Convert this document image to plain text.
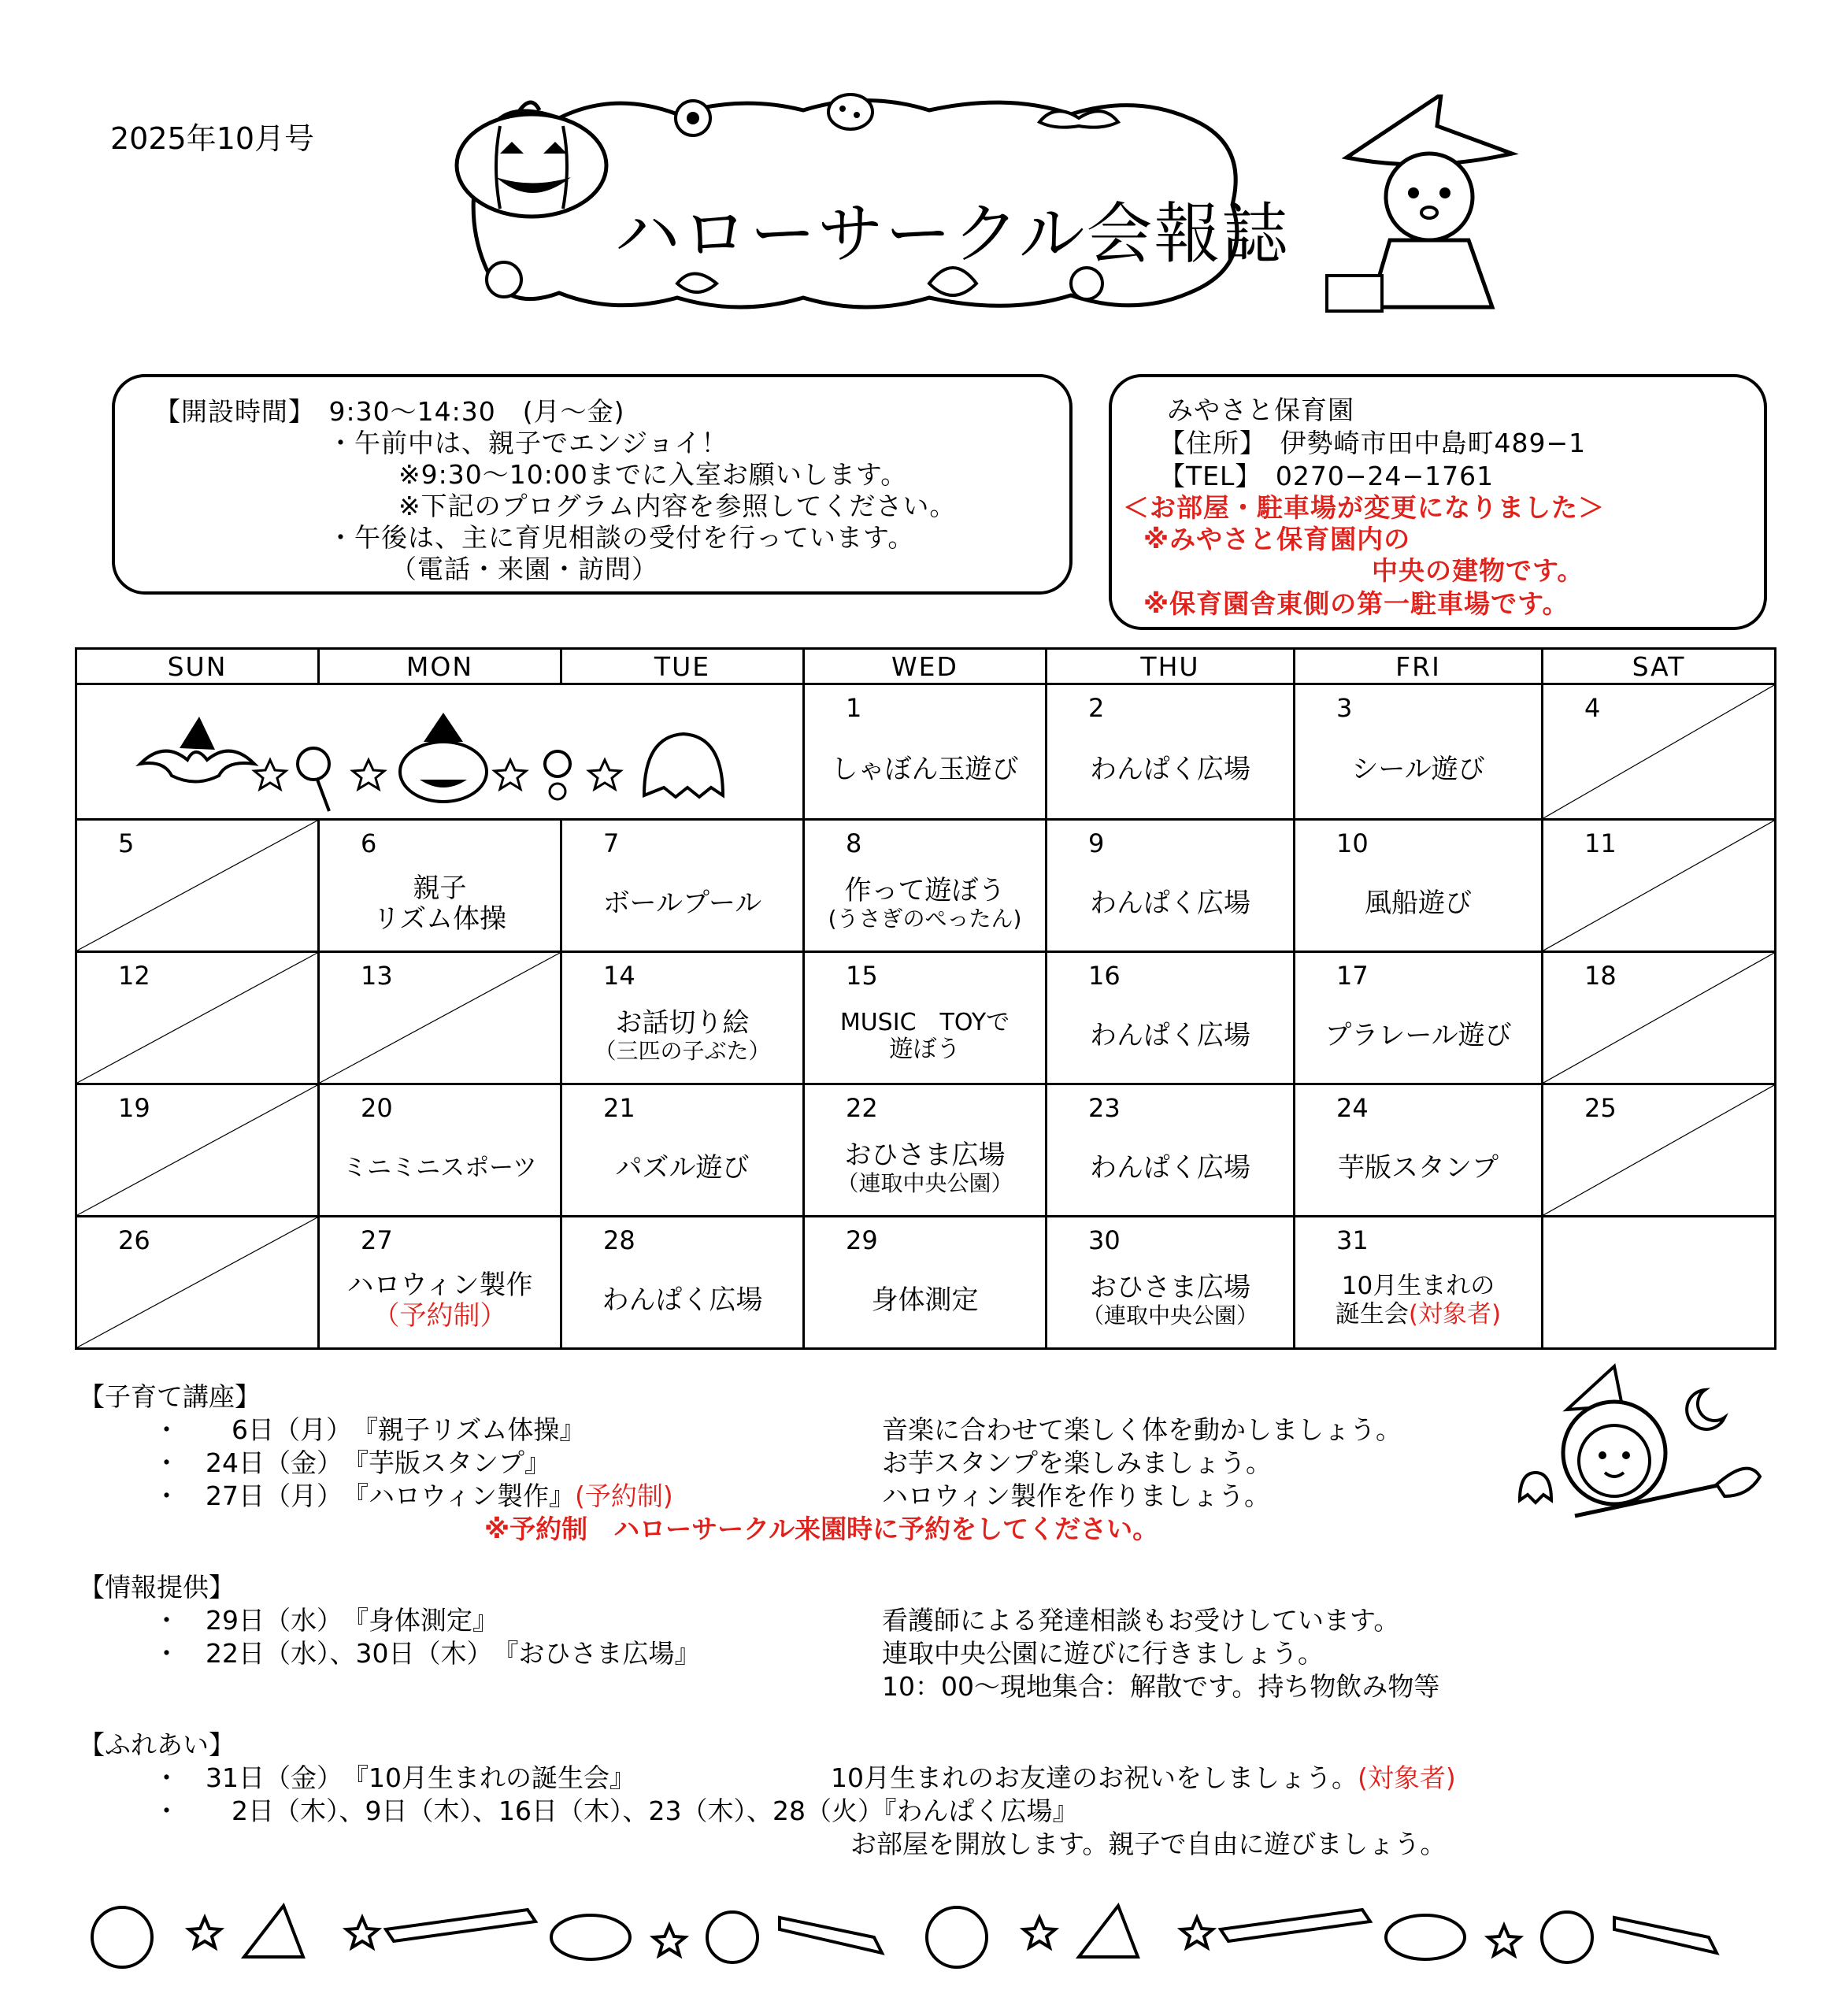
2025年10月号
ハローサークル会報誌
【開設時間】　9:30～14:30　(月～金)
・午前中は、親子でエンジョイ！
※9:30～10:00までに入室お願いします。
※下記のプログラム内容を参照してください。
・午後は、主に育児相談の受付を行っています。
（電話・来園・訪問）
みやさと保育園
【住所】　伊勢崎市田中島町489−1
【TEL】　0270−24−1761
＜お部屋・駐車場が変更になりました＞
※みやさと保育園内の
中央の建物です。
※保育園舎東側の第一駐車場です。
SUN	MON	TUE	WED	THU	FRI	SAT

1
しゃぼん玉遊び	2
わんぱく広場	3
シール遊び	4

5	6
親子
リズム体操	7
ボールプール	8
作って遊ぼう
(うさぎのぺったん)	9
わんぱく広場	10
風船遊び	11

12	13	14
お話切り絵
（三匹の子ぶた）	15
MUSIC　TOYで
遊ぼう	16
わんぱく広場	17
プラレール遊び	18

19	20
ミニミニスポーツ	21
パズル遊び	22
おひさま広場
（連取中央公園）	23
わんぱく広場	24
芋版スタンプ	25

26	27
ハロウィン製作
（予約制）	28
わんぱく広場	29
身体測定	30
おひさま広場
（連取中央公園）	31
10月生まれの
誕生会(対象者)	

【子育て講座】
・　　6日（月）　『親子リズム体操』	音楽に合わせて楽しく体を動かしましょう。
・　24日（金）　『芋版スタンプ』	お芋スタンプを楽しみましょう。
・　27日（月）　『ハロウィン製作』(予約制)	ハロウィン製作を作りましょう。
※予約制　ハローサークル来園時に予約をしてください。
【情報提供】
・　29日（水）　『身体測定』	看護師による発達相談もお受けしています。
・　22日（水）、30日（木）　『おひさま広場』	連取中央公園に遊びに行きましょう。
10：00～現地集合：解散です。持ち物飲み物等
【ふれあい】
・　31日（金）　『10月生まれの誕生会』	10月生まれのお友達のお祝いをしましょう。(対象者)
・　　2日（木）、9日（木）、16日（木）、23（木）、28（火）『わんぱく広場』
お部屋を開放します。親子で自由に遊びましょう。
